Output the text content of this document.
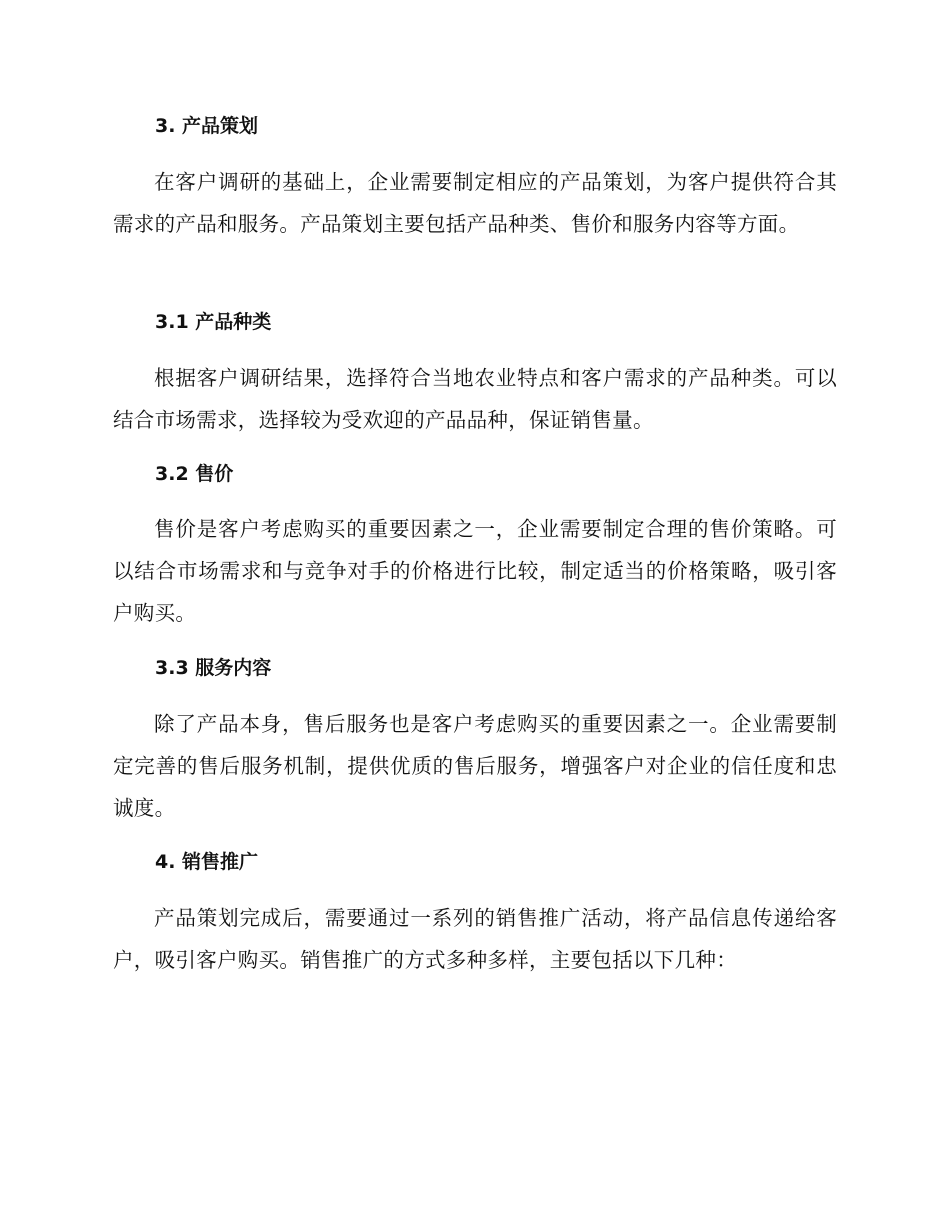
3. 产品策划

在客户调研的基础上，企业需要制定相应的产品策划，为客户提供符合其需求的产品和服务。产品策划主要包括产品种类、售价和服务内容等方面。

3.1 产品种类

根据客户调研结果，选择符合当地农业特点和客户需求的产品种类。可以结合市场需求，选择较为受欢迎的产品品种，保证销售量。

3.2 售价

售价是客户考虑购买的重要因素之一，企业需要制定合理的售价策略。可以结合市场需求和与竞争对手的价格进行比较，制定适当的价格策略，吸引客户购买。

3.3 服务内容

除了产品本身，售后服务也是客户考虑购买的重要因素之一。企业需要制定完善的售后服务机制，提供优质的售后服务，增强客户对企业的信任度和忠诚度。

4. 销售推广

产品策划完成后，需要通过一系列的销售推广活动，将产品信息传递给客户，吸引客户购买。销售推广的方式多种多样，主要包括以下几种：
